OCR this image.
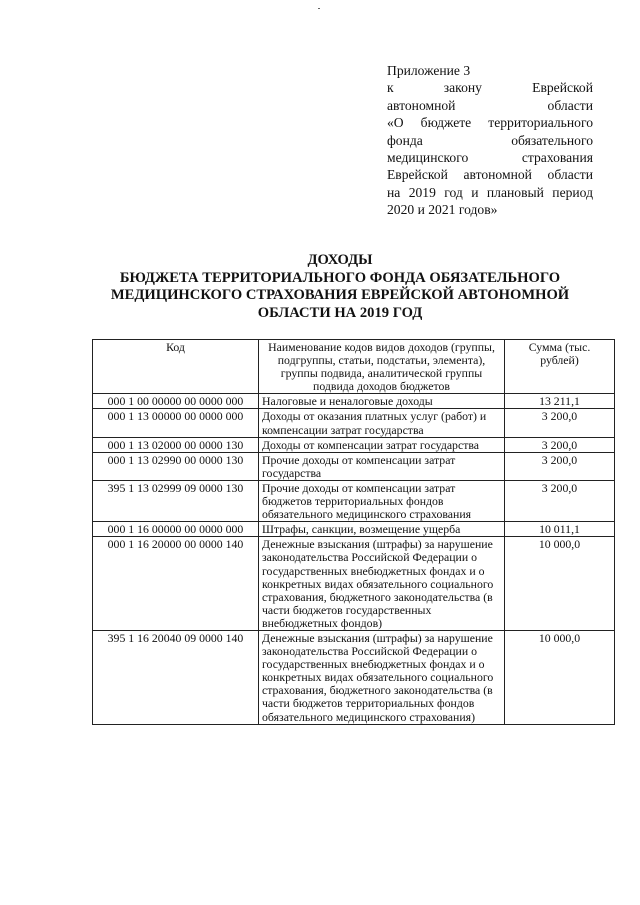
Приложение 3
к закону Еврейской
автономной области
«О бюджете территориального
фонда обязательного
медицинского страхования
Еврейской автономной области
на 2019 год и плановый период
2020 и 2021 годов»
ДОХОДЫ
БЮДЖЕТА ТЕРРИТОРИАЛЬНОГО ФОНДА ОБЯЗАТЕЛЬНОГО
МЕДИЦИНСКОГО СТРАХОВАНИЯ ЕВРЕЙСКОЙ АВТОНОМНОЙ
ОБЛАСТИ НА 2019 ГОД
Код	Наименование кодов видов доходов (группы, подгруппы, статьи, подстатьи, элемента), группы подвида, аналитической группы подвида доходов бюджетов	Сумма (тыс. рублей)
000 1 00 00000 00 0000 000	Налоговые и неналоговые доходы	13 211,1
000 1 13 00000 00 0000 000	Доходы от оказания платных услуг (работ) и компенсации затрат государства	3 200,0
000 1 13 02000 00 0000 130	Доходы от компенсации затрат государства	3 200,0
000 1 13 02990 00 0000 130	Прочие доходы от компенсации затрат государства	3 200,0
395 1 13 02999 09 0000 130	Прочие доходы от компенсации затрат бюджетов территориальных фондов обязательного медицинского страхования	3 200,0
000 1 16 00000 00 0000 000	Штрафы, санкции, возмещение ущерба	10 011,1
000 1 16 20000 00 0000 140	Денежные взыскания (штрафы) за нарушение законодательства Российской Федерации о государственных внебюджетных фондах и о конкретных видах обязательного социального страхования, бюджетного законодательства (в части бюджетов государственных внебюджетных фондов)	10 000,0
395 1 16 20040 09 0000 140	Денежные взыскания (штрафы) за нарушение законодательства Российской Федерации о государственных внебюджетных фондах и о конкретных видах обязательного социального страхования, бюджетного законодательства (в части бюджетов территориальных фондов обязательного медицинского страхования)	10 000,0
